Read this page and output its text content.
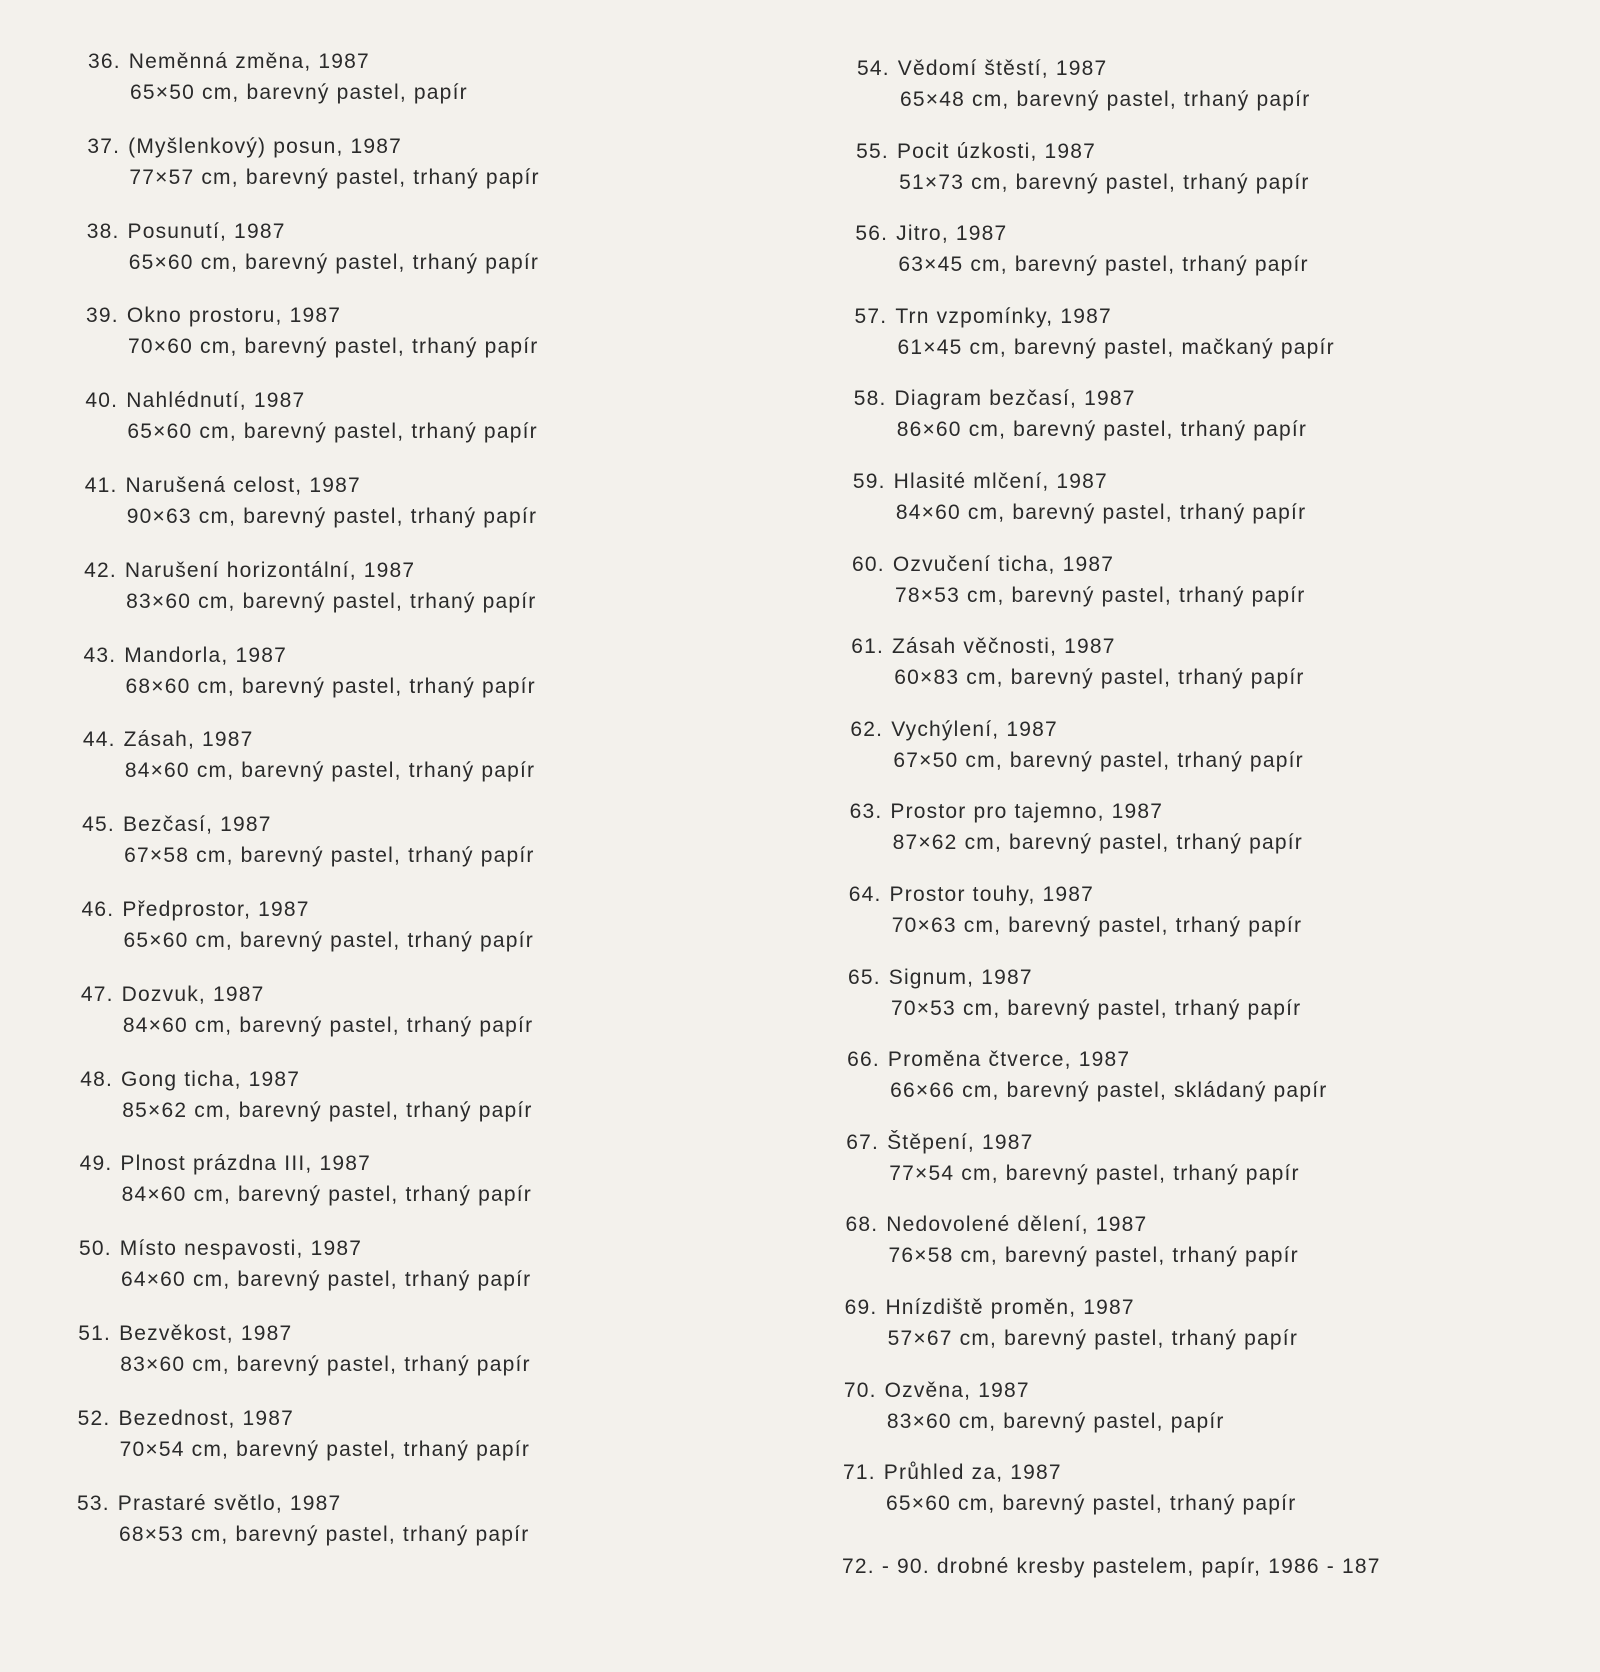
36. Neměnná změna, 1987
65×50 cm, barevný pastel, papír
37. (Myšlenkový) posun, 1987
77×57 cm, barevný pastel, trhaný papír
38. Posunutí, 1987
65×60 cm, barevný pastel, trhaný papír
39. Okno prostoru, 1987
70×60 cm, barevný pastel, trhaný papír
40. Nahlédnutí, 1987
65×60 cm, barevný pastel, trhaný papír
41. Narušená celost, 1987
90×63 cm, barevný pastel, trhaný papír
42. Narušení horizontální, 1987
83×60 cm, barevný pastel, trhaný papír
43. Mandorla, 1987
68×60 cm, barevný pastel, trhaný papír
44. Zásah, 1987
84×60 cm, barevný pastel, trhaný papír
45. Bezčasí, 1987
67×58 cm, barevný pastel, trhaný papír
46. Předprostor, 1987
65×60 cm, barevný pastel, trhaný papír
47. Dozvuk, 1987
84×60 cm, barevný pastel, trhaný papír
48. Gong ticha, 1987
85×62 cm, barevný pastel, trhaný papír
49. Plnost prázdna III, 1987
84×60 cm, barevný pastel, trhaný papír
50. Místo nespavosti, 1987
64×60 cm, barevný pastel, trhaný papír
51. Bezvěkost, 1987
83×60 cm, barevný pastel, trhaný papír
52. Bezednost, 1987
70×54 cm, barevný pastel, trhaný papír
53. Prastaré světlo, 1987
68×53 cm, barevný pastel, trhaný papír
54. Vědomí štěstí, 1987
65×48 cm, barevný pastel, trhaný papír
55. Pocit úzkosti, 1987
51×73 cm, barevný pastel, trhaný papír
56. Jitro, 1987
63×45 cm, barevný pastel, trhaný papír
57. Trn vzpomínky, 1987
61×45 cm, barevný pastel, mačkaný papír
58. Diagram bezčasí, 1987
86×60 cm, barevný pastel, trhaný papír
59. Hlasité mlčení, 1987
84×60 cm, barevný pastel, trhaný papír
60. Ozvučení ticha, 1987
78×53 cm, barevný pastel, trhaný papír
61. Zásah věčnosti, 1987
60×83 cm, barevný pastel, trhaný papír
62. Vychýlení, 1987
67×50 cm, barevný pastel, trhaný papír
63. Prostor pro tajemno, 1987
87×62 cm, barevný pastel, trhaný papír
64. Prostor touhy, 1987
70×63 cm, barevný pastel, trhaný papír
65. Signum, 1987
70×53 cm, barevný pastel, trhaný papír
66. Proměna čtverce, 1987
66×66 cm, barevný pastel, skládaný papír
67. Štěpení, 1987
77×54 cm, barevný pastel, trhaný papír
68. Nedovolené dělení, 1987
76×58 cm, barevný pastel, trhaný papír
69. Hnízdiště proměn, 1987
57×67 cm, barevný pastel, trhaný papír
70. Ozvěna, 1987
83×60 cm, barevný pastel, papír
71. Průhled za, 1987
65×60 cm, barevný pastel, trhaný papír
72. - 90. drobné kresby pastelem, papír, 1986 - 187
